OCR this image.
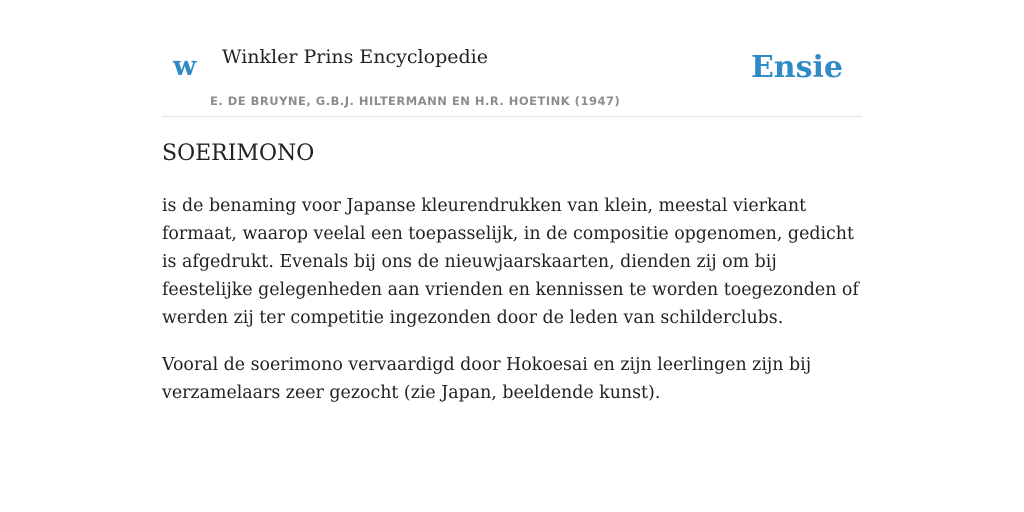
w Winkler Prins Encyclopedie
E. DE BRUYNE, G.B.J. HILTERMANN EN H.R. HOETINK (1947)
Ensie
SOERIMONO

is de benaming voor Japanse kleurendrukken van klein, meestal vierkant formaat, waarop veelal een toepasselijk, in de compositie opgenomen, gedicht is afgedrukt. Evenals bij ons de nieuwjaarskaarten, dienden zij om bij feestelijke gelegenheden aan vrienden en kennissen te worden toegezonden of werden zij ter competitie ingezonden door de leden van schilderclubs.

Vooral de soerimono vervaardigd door Hokoesai en zijn leerlingen zijn bij verzamelaars zeer gezocht (zie Japan, beeldende kunst).
